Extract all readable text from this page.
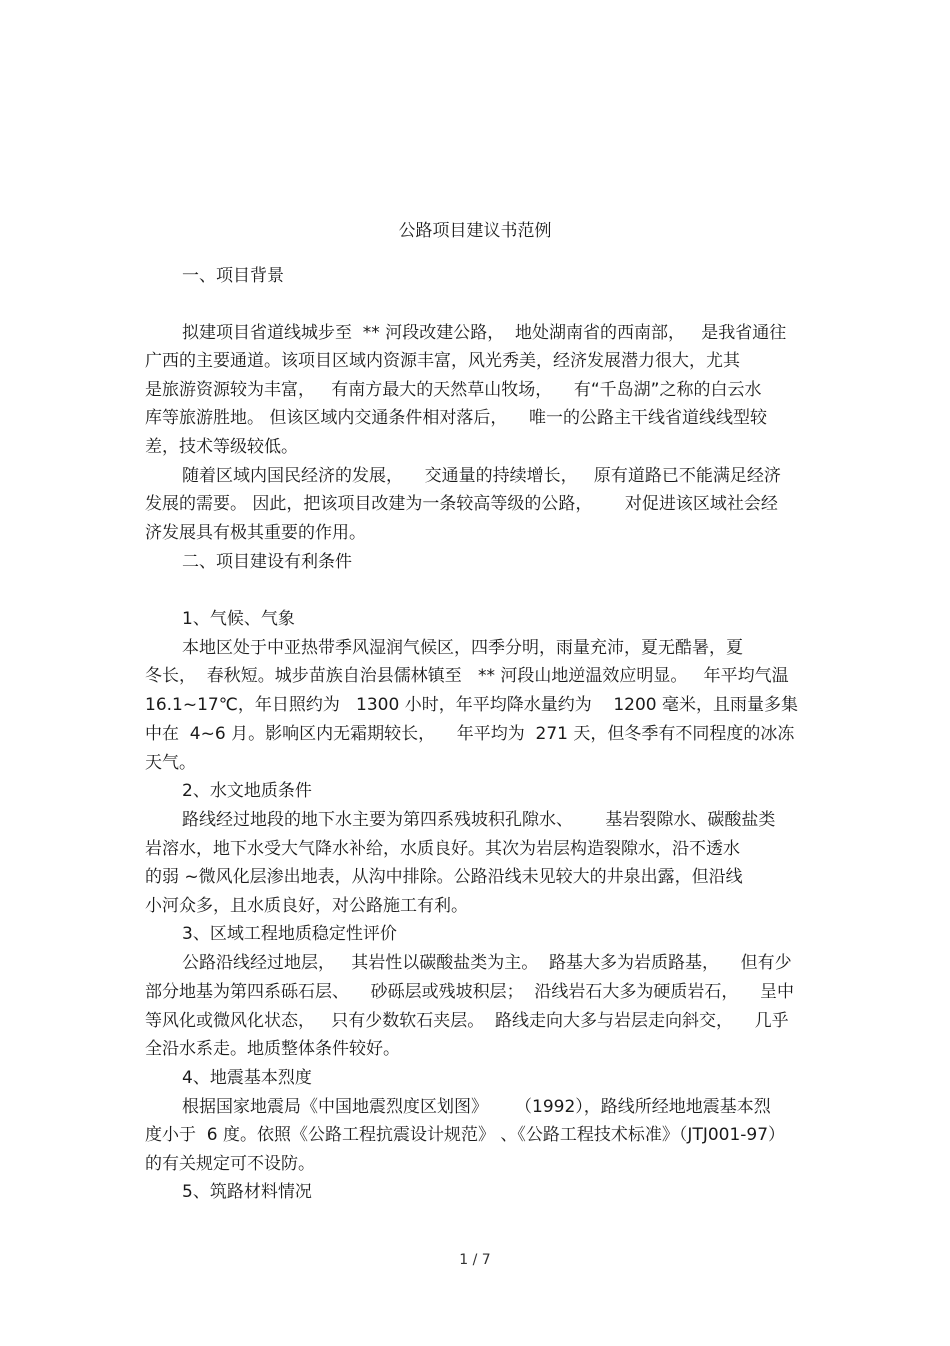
公路项目建议书范例
一、项目背景
拟建项目省道线城步至  ** 河段改建公路，  地处湖南省的西南部，   是我省通往
广西的主要通道。该项目区域内资源丰富，风光秀美，经济发展潜力很大，尤其
是旅游资源较为丰富，   有南方最大的天然草山牧场，    有“千岛湖”之称的白云水
库等旅游胜地。 但该区域内交通条件相对落后，    唯一的公路主干线省道线线型较
差，技术等级较低。
随着区域内国民经济的发展，    交通量的持续增长，   原有道路已不能满足经济
发展的需要。 因此，把该项目改建为一条较高等级的公路，      对促进该区域社会经
济发展具有极其重要的作用。
二、项目建设有利条件
1、气候、气象
本地区处于中亚热带季风湿润气候区，四季分明，雨量充沛，夏无酷暑，夏
冬长，  春秋短。城步苗族自治县儒林镇至   ** 河段山地逆温效应明显。   年平均气温
16.1~17℃，年日照约为   1300 小时，年平均降水量约为    1200 毫米，且雨量多集
中在  4~6 月。影响区内无霜期较长，    年平均为  271 天，但冬季有不同程度的冰冻
天气。
2、水文地质条件
路线经过地段的地下水主要为第四系残坡积孔隙水、      基岩裂隙水、碳酸盐类
岩溶水，地下水受大气降水补给，水质良好。其次为岩层构造裂隙水，沿不透水
的弱 ~微风化层渗出地表，从沟中排除。公路沿线未见较大的井泉出露，但沿线
小河众多，且水质良好，对公路施工有利。
3、区域工程地质稳定性评价
公路沿线经过地层，   其岩性以碳酸盐类为主。  路基大多为岩质路基，    但有少
部分地基为第四系砾石层、    砂砾层或残坡积层；  沿线岩石大多为硬质岩石，    呈中
等风化或微风化状态，   只有少数软石夹层。  路线走向大多与岩层走向斜交，    几乎
全沿水系走。地质整体条件较好。
4、地震基本烈度
根据国家地震局《中国地震烈度区划图》     （1992），路线所经地地震基本烈
度小于  6 度。依照《公路工程抗震设计规范》 、《公路工程技术标准》（JTJ001-97）
的有关规定可不设防。
5、筑路材料情况
1 / 7
